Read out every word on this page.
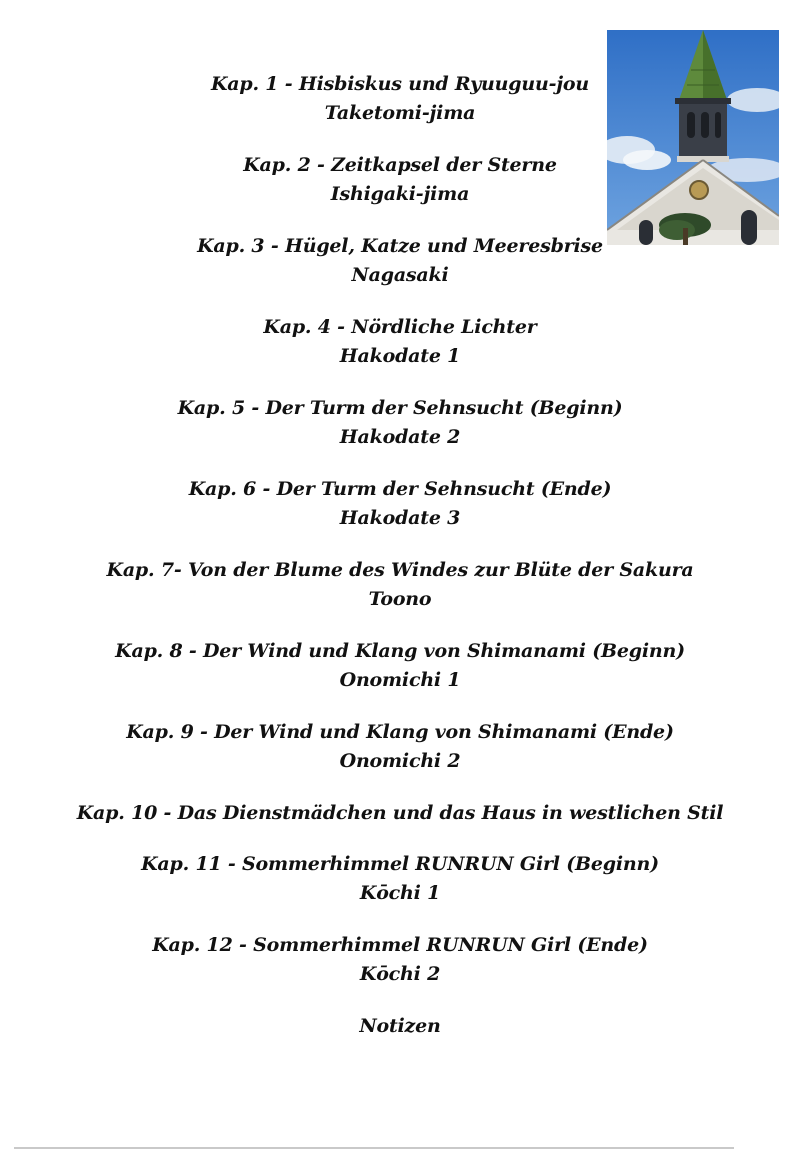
Kap. 1 - Hisbiskus und Ryuuguu-jou
Taketomi-jima
Kap. 2 - Zeitkapsel der Sterne
Ishigaki-jima
Kap. 3 - Hügel, Katze und Meeresbrise
Nagasaki
Kap. 4 - Nördliche Lichter
Hakodate 1
Kap. 5 - Der Turm der Sehnsucht (Beginn)
Hakodate 2
Kap. 6 - Der Turm der Sehnsucht (Ende)
Hakodate 3
Kap. 7- Von der Blume des Windes zur Blüte der Sakura
Toono
Kap. 8 - Der Wind und Klang von Shimanami (Beginn)
Onomichi 1
Kap. 9 - Der Wind und Klang von Shimanami (Ende)
Onomichi 2
Kap. 10 - Das Dienstmädchen und das Haus in westlichen Stil
Kap. 11 - Sommerhimmel RUNRUN Girl (Beginn)
Kōchi 1
Kap. 12 - Sommerhimmel RUNRUN Girl (Ende)
Kōchi 2
Notizen
